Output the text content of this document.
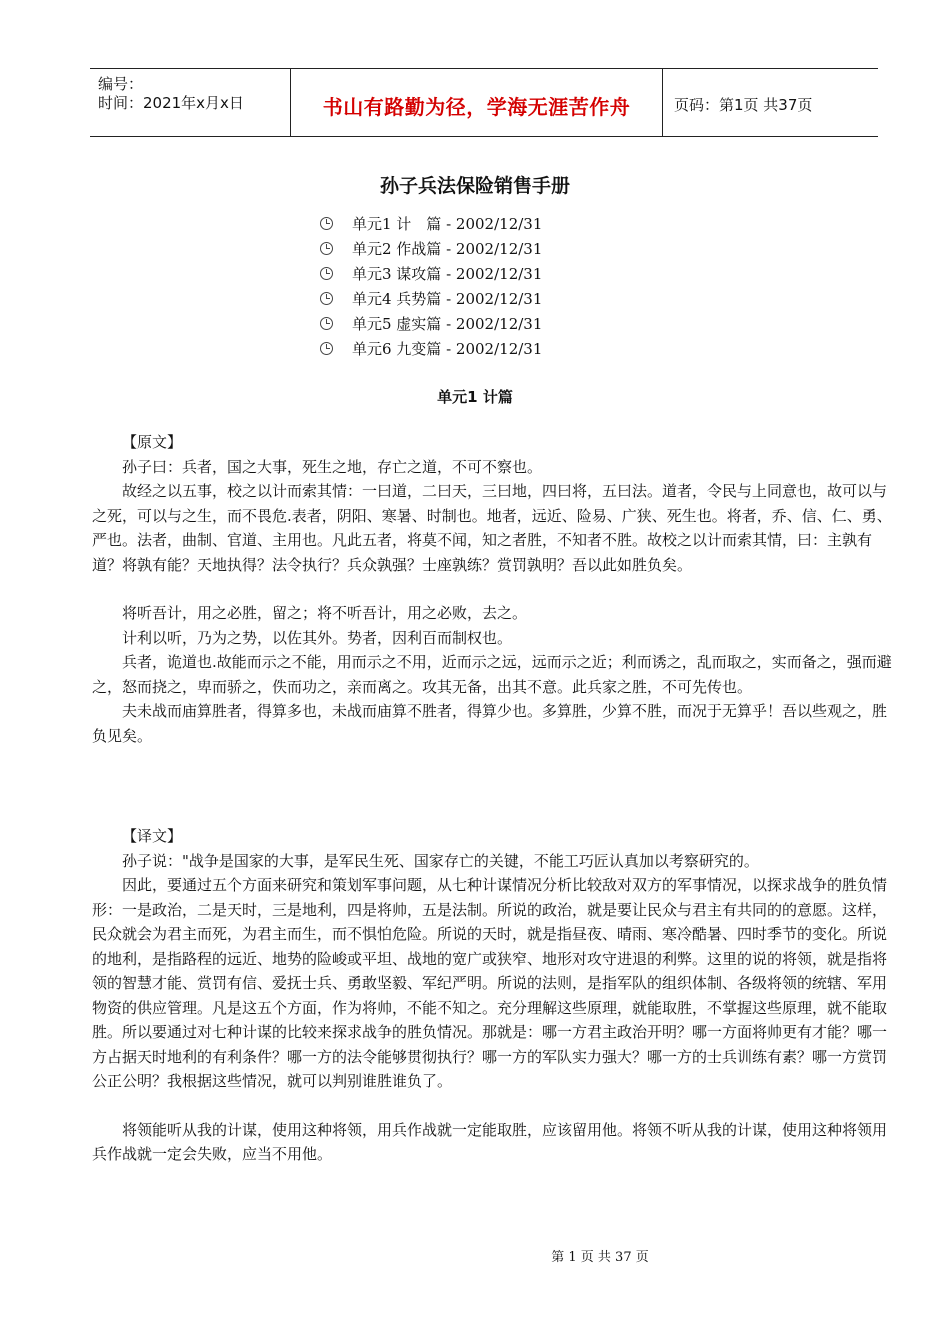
编号：
时间：2021年x月x日	书山有路勤为径，学海无涯苦作舟	页码：第1页 共37页
孙子兵法保险销售手册
单元1 计　篇 - 2002/12/31
单元2 作战篇 - 2002/12/31
单元3 谋攻篇 - 2002/12/31
单元4 兵势篇 - 2002/12/31
单元5 虚实篇 - 2002/12/31
单元6 九变篇 - 2002/12/31
单元1 计篇

【原文】

孙子曰：兵者，国之大事，死生之地，存亡之道，不可不察也。

故经之以五事，校之以计而索其情：一曰道，二曰天，三曰地，四曰将，五曰法。道者，令民与上同意也，故可以与之死，可以与之生，而不畏危.表者，阴阳、寒暑、时制也。地者，远近、险易、广狭、死生也。将者，乔、信、仁、勇、严也。法者，曲制、官道、主用也。凡此五者，将莫不闻，知之者胜，不知者不胜。故校之以计而索其情，曰：主孰有道？将孰有能？天地执得？法令执行？兵众孰强？士座孰练？赏罚孰明？吾以此如胜负矣。

将听吾计，用之必胜，留之；将不听吾计，用之必败，去之。

计利以听，乃为之势，以佐其外。势者，因利百而制权也。

兵者，诡道也.故能而示之不能，用而示之不用，近而示之远，远而示之近；利而诱之，乱而取之，实而备之，强而避之，怒而挠之，卑而骄之，佚而功之，亲而离之。攻其无备，出其不意。此兵家之胜，不可先传也。

夫未战而庙算胜者，得算多也，未战而庙算不胜者，得算少也。多算胜，少算不胜，而况于无算乎！吾以些观之，胜负见矣。

【译文】

孙子说："战争是国家的大事，是军民生死、国家存亡的关键，不能工巧匠认真加以考察研究的。

因此，要通过五个方面来研究和策划军事问题，从七种计谋情况分析比较敌对双方的军事情况，以探求战争的胜负情形：一是政治，二是天时，三是地利，四是将帅，五是法制。所说的政治，就是要让民众与君主有共同的的意愿。这样，民众就会为君主而死，为君主而生，而不惧怕危险。所说的天时，就是指昼夜、晴雨、寒冷酷暑、四时季节的变化。所说的地利，是指路程的远近、地势的险峻或平坦、战地的宽广或狭窄、地形对攻守进退的利弊。这里的说的将领，就是指将领的智慧才能、赏罚有信、爱抚士兵、勇敢坚毅、军纪严明。所说的法则，是指军队的组织体制、各级将领的统辖、军用物资的供应管理。凡是这五个方面，作为将帅，不能不知之。充分理解这些原理，就能取胜，不掌握这些原理，就不能取胜。所以要通过对七种计谋的比较来探求战争的胜负情况。那就是：哪一方君主政治开明？哪一方面将帅更有才能？哪一方占据天时地利的有利条件？哪一方的法令能够贯彻执行？哪一方的军队实力强大？哪一方的士兵训练有素？哪一方赏罚公正公明？我根据这些情况，就可以判别谁胜谁负了。

将领能听从我的计谋，使用这种将领，用兵作战就一定能取胜，应该留用他。将领不听从我的计谋，使用这种将领用兵作战就一定会失败，应当不用他。

第 1 页 共 37 页
